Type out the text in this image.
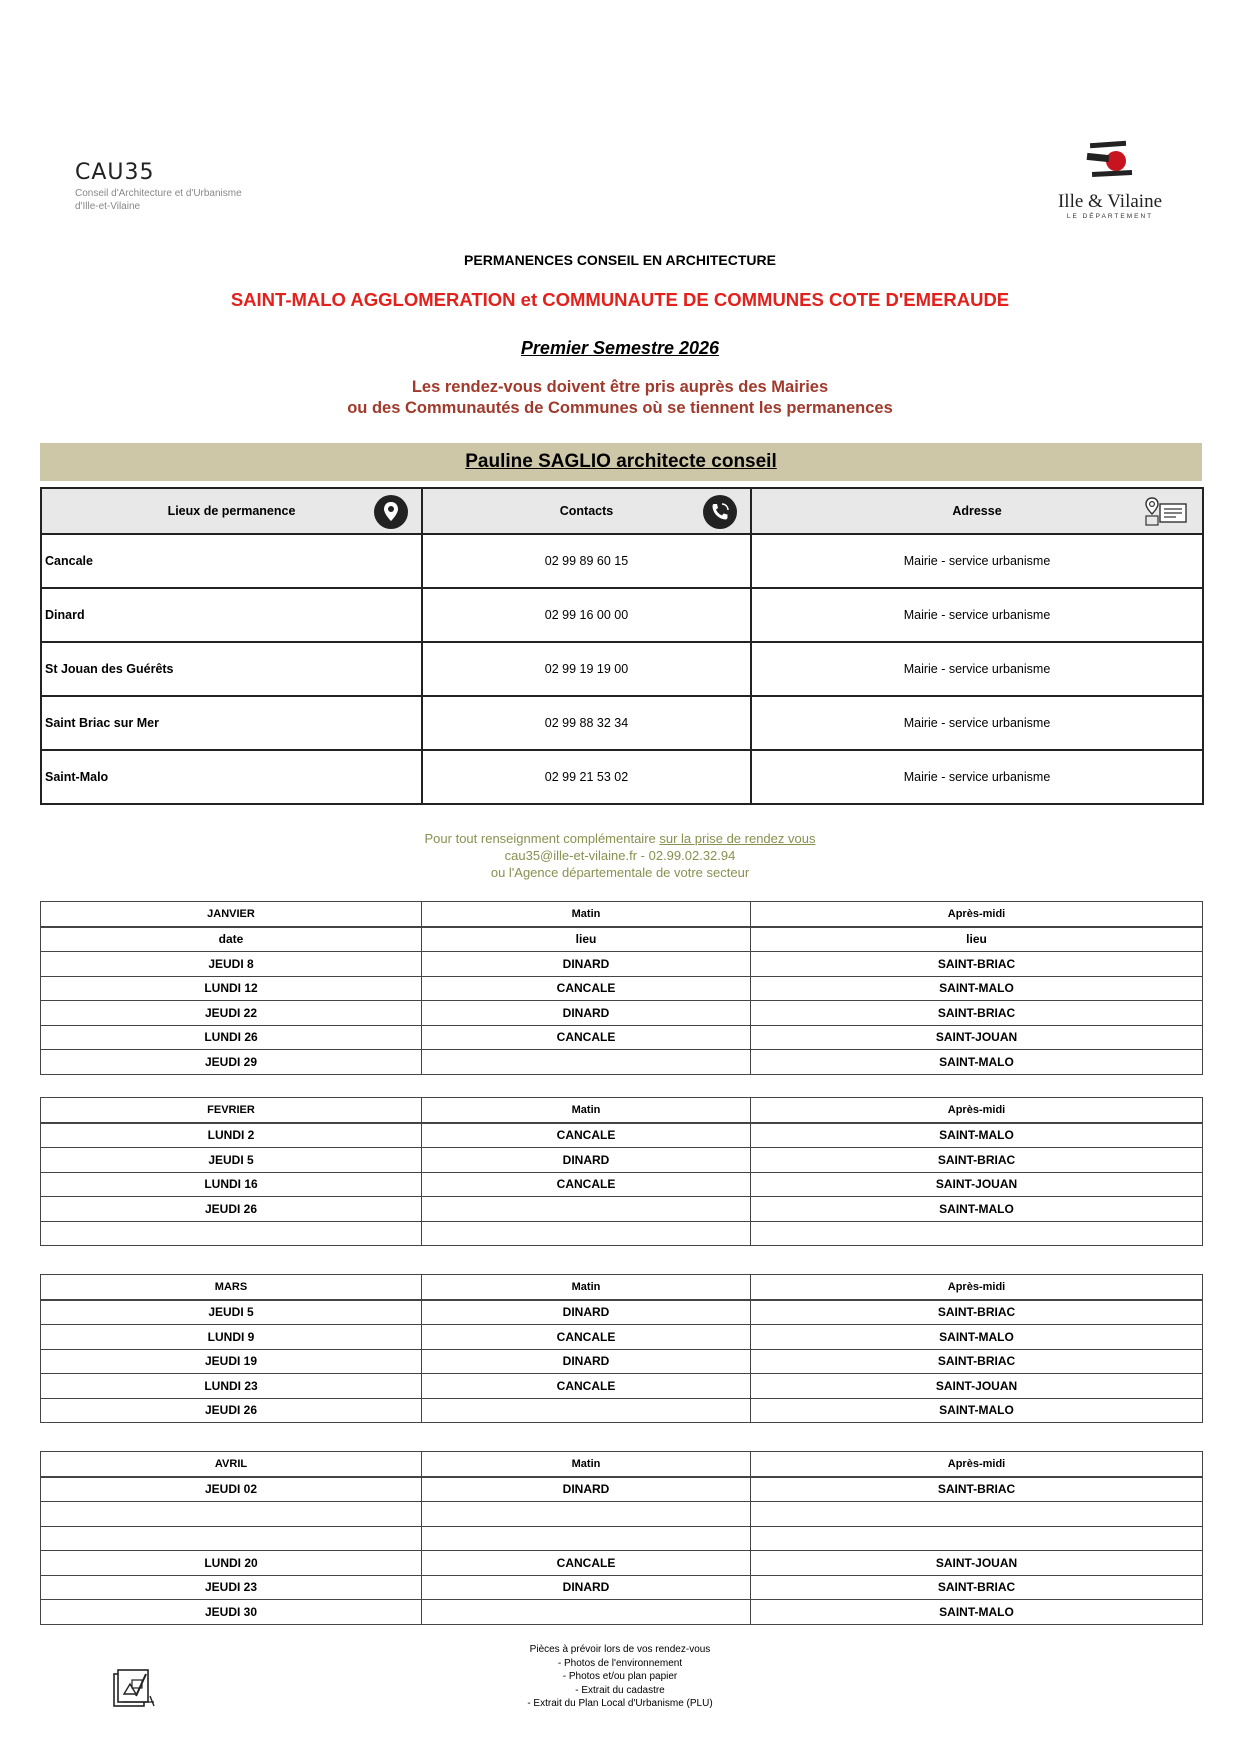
CAU35
Conseil d'Architecture et d'Urbanisme
d'Ille-et-Vilaine	Ille & Vilaine
LE DÉPARTEMENT
PERMANENCES CONSEIL EN ARCHITECTURE
SAINT-MALO AGGLOMERATION et COMMUNAUTE DE COMMUNES COTE D'EMERAUDE
Premier Semestre 2026
Les rendez-vous doivent être pris auprès des Mairies
ou des Communautés de Communes où se tiennent les permanences
Pauline SAGLIO architecte conseil
Lieux de permanence	Contacts	Adresse

Cancale	02 99 89 60 15	Mairie - service urbanisme
Dinard	02 99 16 00 00	Mairie - service urbanisme
St Jouan des Guérêts	02 99 19 19 00	Mairie - service urbanisme
Saint Briac sur Mer	02 99 88 32 34	Mairie - service urbanisme
Saint-Malo	02 99 21 53 02	Mairie - service urbanisme
Pour tout renseignment complémentaire sur la prise de rendez vous
cau35@ille-et-vilaine.fr - 02.99.02.32.94
ou l'Agence départementale de votre secteur
JANVIER	Matin	Après-midi
date	lieu	lieu
JEUDI 8	DINARD	SAINT-BRIAC
LUNDI 12	CANCALE	SAINT-MALO
JEUDI 22	DINARD	SAINT-BRIAC
LUNDI 26	CANCALE	SAINT-JOUAN
JEUDI 29		SAINT-MALO
FEVRIER	Matin	Après-midi
LUNDI 2	CANCALE	SAINT-MALO
JEUDI 5	DINARD	SAINT-BRIAC
LUNDI 16	CANCALE	SAINT-JOUAN
JEUDI 26		SAINT-MALO

MARS	Matin	Après-midi
JEUDI 5	DINARD	SAINT-BRIAC
LUNDI 9	CANCALE	SAINT-MALO
JEUDI 19	DINARD	SAINT-BRIAC
LUNDI 23	CANCALE	SAINT-JOUAN
JEUDI 26		SAINT-MALO
AVRIL	Matin	Après-midi
JEUDI 02	DINARD	SAINT-BRIAC

LUNDI 20	CANCALE	SAINT-JOUAN
JEUDI 23	DINARD	SAINT-BRIAC
JEUDI 30		SAINT-MALO
Pièces à prévoir lors de vos rendez-vous
- Photos de l'environnement
- Photos et/ou plan papier
- Extrait du cadastre
- Extrait du Plan Local d'Urbanisme (PLU)
